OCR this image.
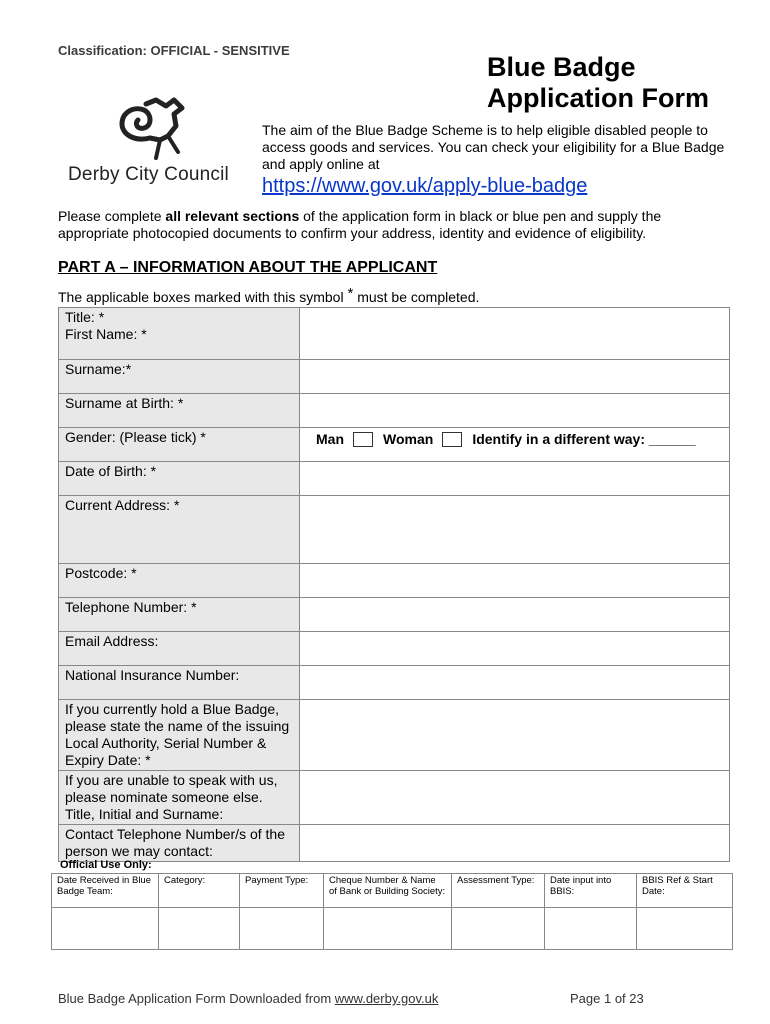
Classification: OFFICIAL - SENSITIVE
Blue Badge
Application Form
Derby City Council
The aim of the Blue Badge Scheme is to help eligible disabled people to access goods and services. You can check your eligibility for a Blue Badge and apply online at
https://www.gov.uk/apply-blue-badge
Please complete all relevant sections of the application form in black or blue pen and supply the appropriate photocopied documents to confirm your address, identity and evidence of eligibility.
PART A – INFORMATION ABOUT THE APPLICANT
The applicable boxes marked with this symbol * must be completed.
Title: *
First Name: *	

Surname:*	
Surname at Birth: *	
Gender: (Please tick) *	Man Woman Identify in a different way: ______

Date of Birth: *	
Current Address: *	
Postcode: *	
Telephone Number: *	
Email Address:	
National Insurance Number:	
If you currently hold a Blue Badge, please state the name of the issuing Local Authority, Serial Number & Expiry Date: *	
If you are unable to speak with us, please nominate someone else. Title, Initial and Surname:	
Contact Telephone Number/s of the person we may contact:	
Official Use Only:
Date Received in Blue Badge Team:	Category:	Payment Type:	Cheque Number & Name of Bank or Building Society:	Assessment Type:	Date input into BBIS:	BBIS Ref & Start Date:

Blue Badge Application Form Downloaded from www.derby.gov.uk	Page 1 of 23
